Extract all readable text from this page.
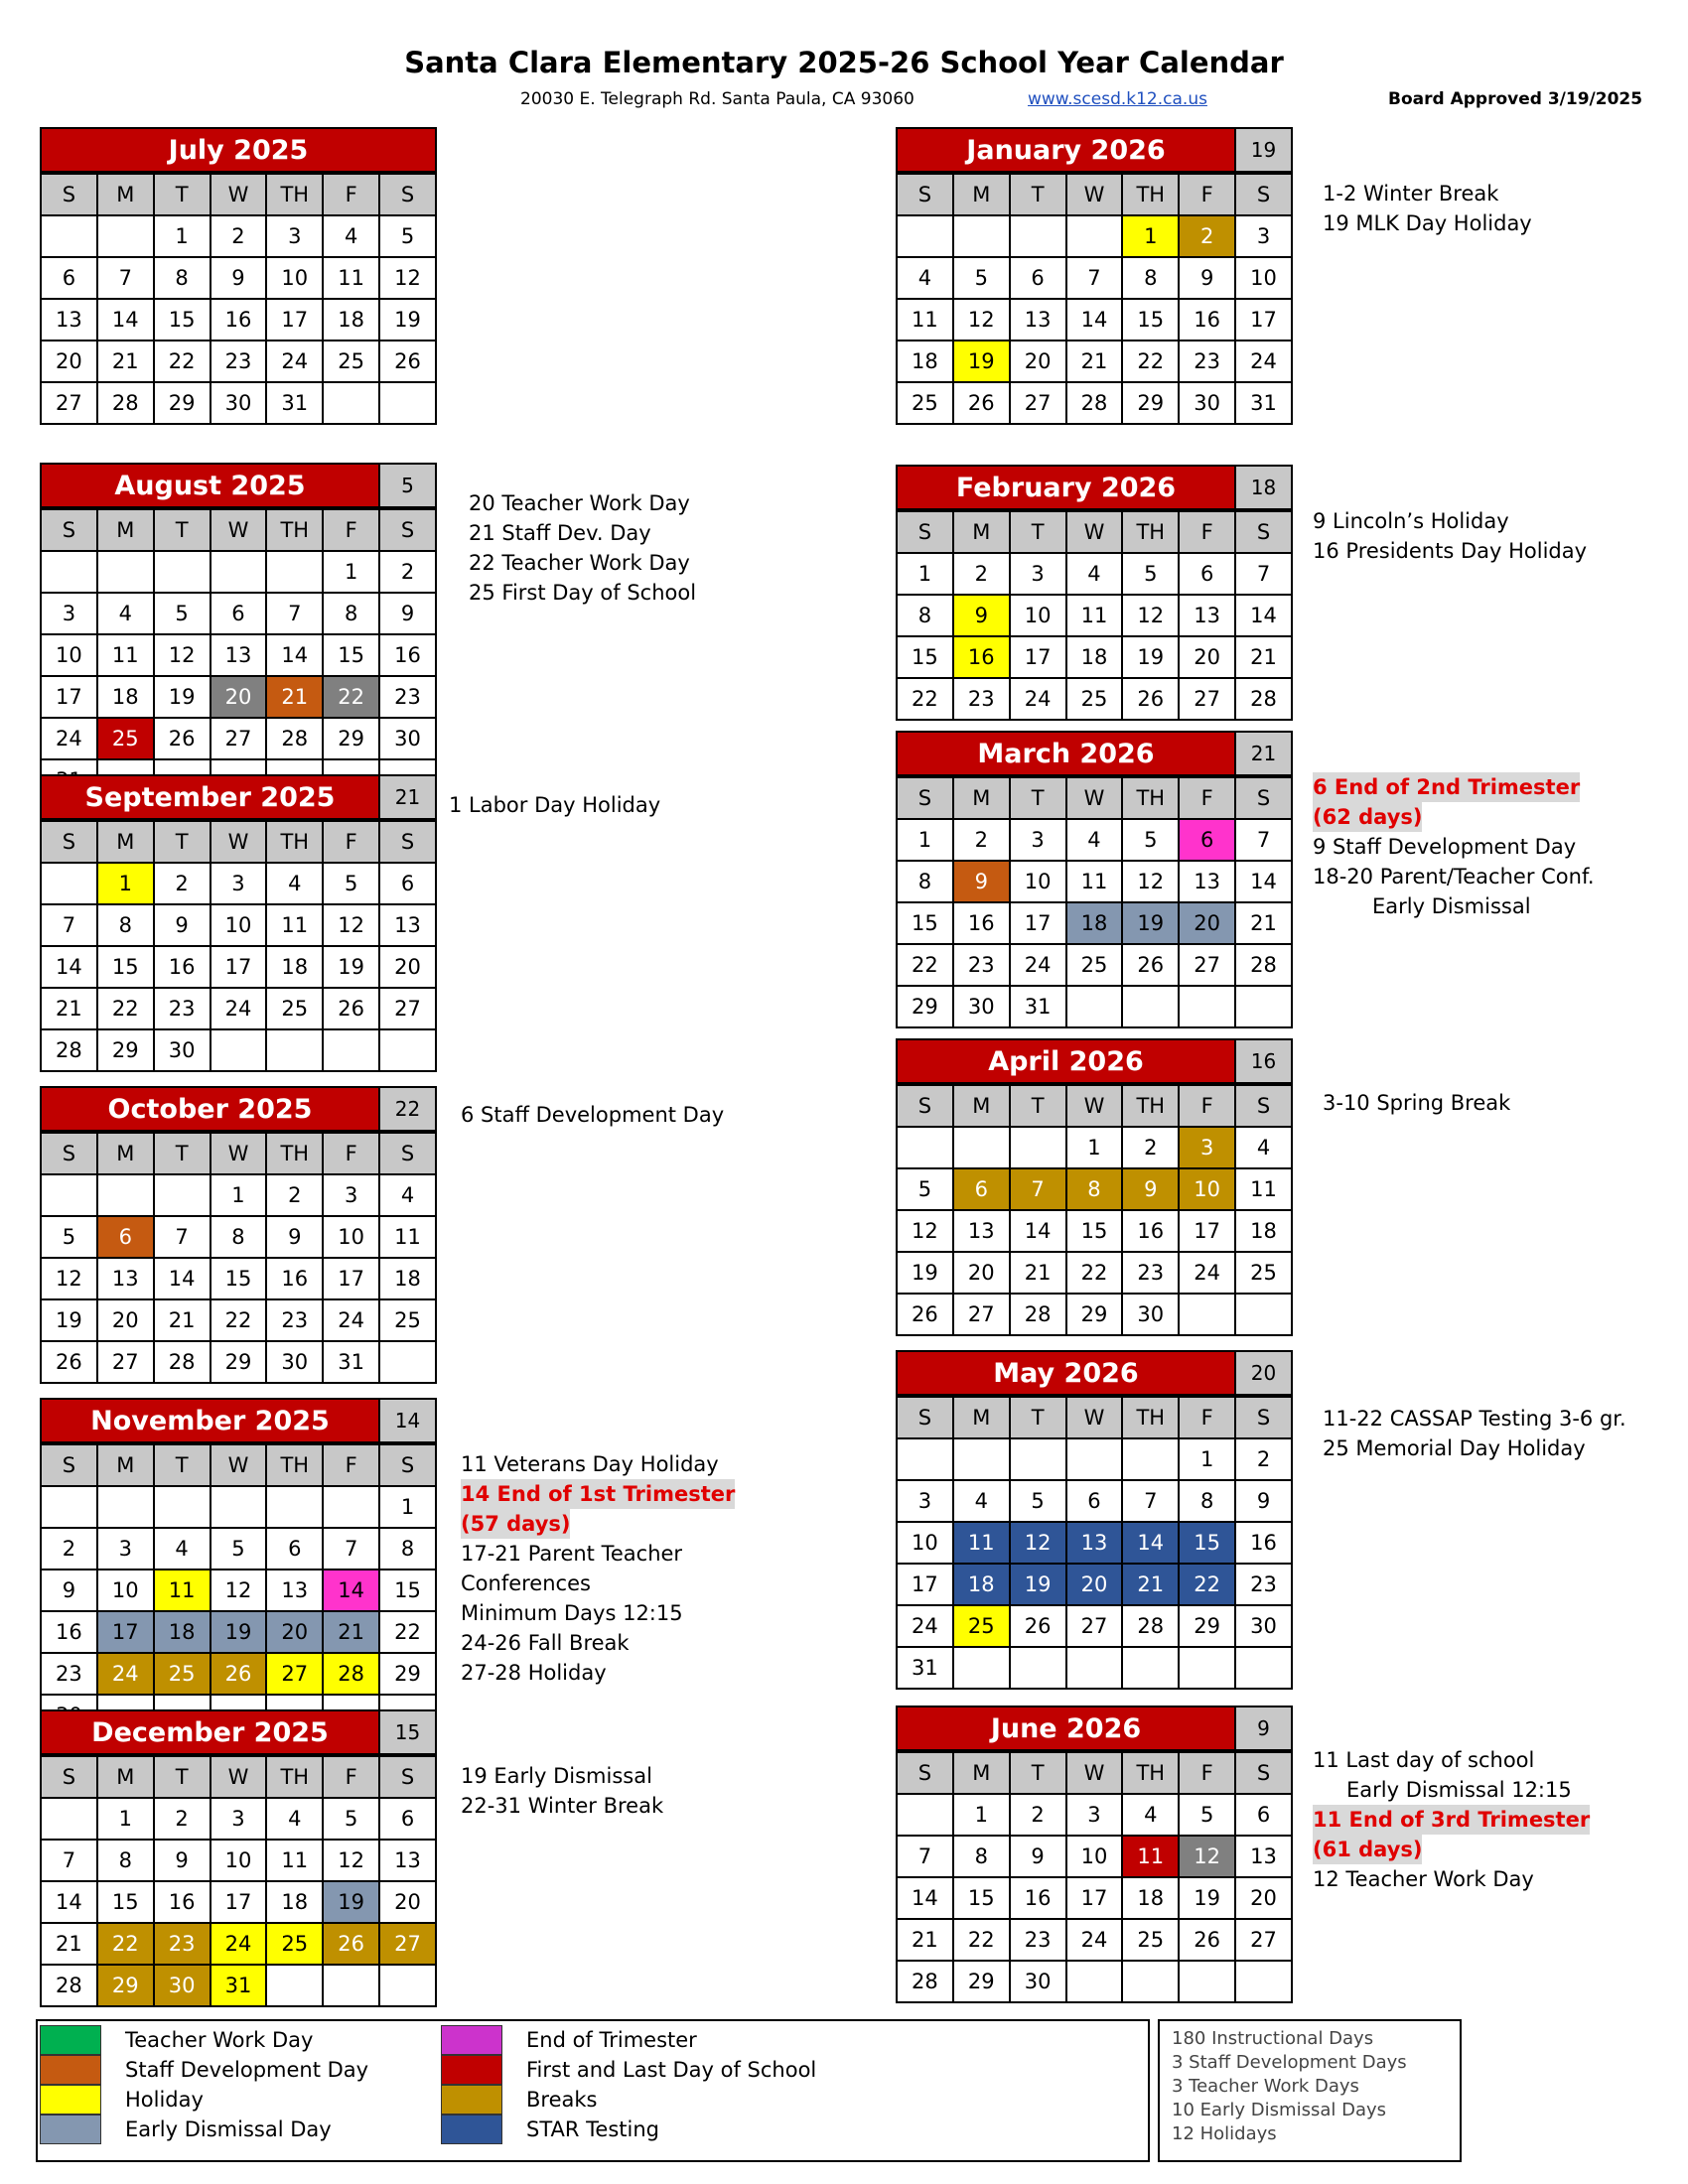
Santa Clara Elementary 2025-26 School Year Calendar
20030 E. Telegraph Rd. Santa Paula, CA 93060	www.scesd.k12.ca.us	Board Approved 3/19/2025
July 2025
S	M	T	W	TH	F	S
		1	2	3	4	5
6	7	8	9	10	11	12
13	14	15	16	17	18	19
20	21	22	23	24	25	26
27	28	29	30	31		
August 2025	5
S	M	T	W	TH	F	S
					1	2
3	4	5	6	7	8	9
10	11	12	13	14	15	16
17	18	19	20	21	22	23
24	25	26	27	28	29	30

September 2025	21
S	M	T	W	TH	F	S
	1	2	3	4	5	6
7	8	9	10	11	12	13
14	15	16	17	18	19	20
21	22	23	24	25	26	27
28	29	30				
October 2025	22
S	M	T	W	TH	F	S
			1	2	3	4
5	6	7	8	9	10	11
12	13	14	15	16	17	18
19	20	21	22	23	24	25
26	27	28	29	30	31	
November 2025	14
S	M	T	W	TH	F	S
						1
2	3	4	5	6	7	8
9	10	11	12	13	14	15
16	17	18	19	20	21	22
23	24	25	26	27	28	29

December 2025	15
S	M	T	W	TH	F	S
	1	2	3	4	5	6
7	8	9	10	11	12	13
14	15	16	17	18	19	20
21	22	23	24	25	26	27
28	29	30	31			
January 2026	19
S	M	T	W	TH	F	S
				1	2	3
4	5	6	7	8	9	10
11	12	13	14	15	16	17
18	19	20	21	22	23	24
25	26	27	28	29	30	31
February 2026	18
S	M	T	W	TH	F	S
1	2	3	4	5	6	7
8	9	10	11	12	13	14
15	16	17	18	19	20	21
22	23	24	25	26	27	28
March 2026	21
S	M	T	W	TH	F	S
1	2	3	4	5	6	7
8	9	10	11	12	13	14
15	16	17	18	19	20	21
22	23	24	25	26	27	28
29	30	31				
April 2026	16
S	M	T	W	TH	F	S
			1	2	3	4
5	6	7	8	9	10	11
12	13	14	15	16	17	18
19	20	21	22	23	24	25
26	27	28	29	30		
May 2026	20
S	M	T	W	TH	F	S
					1	2
3	4	5	6	7	8	9
10	11	12	13	14	15	16
17	18	19	20	21	22	23
24	25	26	27	28	29	30
31						
June 2026	9
S	M	T	W	TH	F	S
	1	2	3	4	5	6
7	8	9	10	11	12	13
14	15	16	17	18	19	20
21	22	23	24	25	26	27
28	29	30				
20 Teacher Work Day
21 Staff Dev. Day
22 Teacher Work Day
25 First Day of School
1 Labor Day Holiday
6 Staff Development Day
11 Veterans Day Holiday
14 End of 1st Trimester
(57 days)
17-21 Parent Teacher
Conferences
Minimum Days 12:15
24-26 Fall Break
27-28 Holiday
19 Early Dismissal
22-31 Winter Break
1-2 Winter Break
19 MLK Day Holiday
9 Lincoln’s Holiday
16 Presidents Day Holiday
6 End of 2nd Trimester
(62 days)
9 Staff Development Day
18-20 Parent/Teacher Conf.
Early Dismissal
3-10 Spring Break
11-22 CASSAP Testing 3-6 gr.
25 Memorial Day Holiday
11 Last day of school
Early Dismissal 12:15
11 End of 3rd Trimester
(61 days)
12 Teacher Work Day
Teacher Work Day
Staff Development Day
Holiday
Early Dismissal Day
End of Trimester
First and Last Day of School
Breaks
STAR Testing
180 Instructional Days
3 Staff Development Days
3 Teacher Work Days
10 Early Dismissal Days
12 Holidays
